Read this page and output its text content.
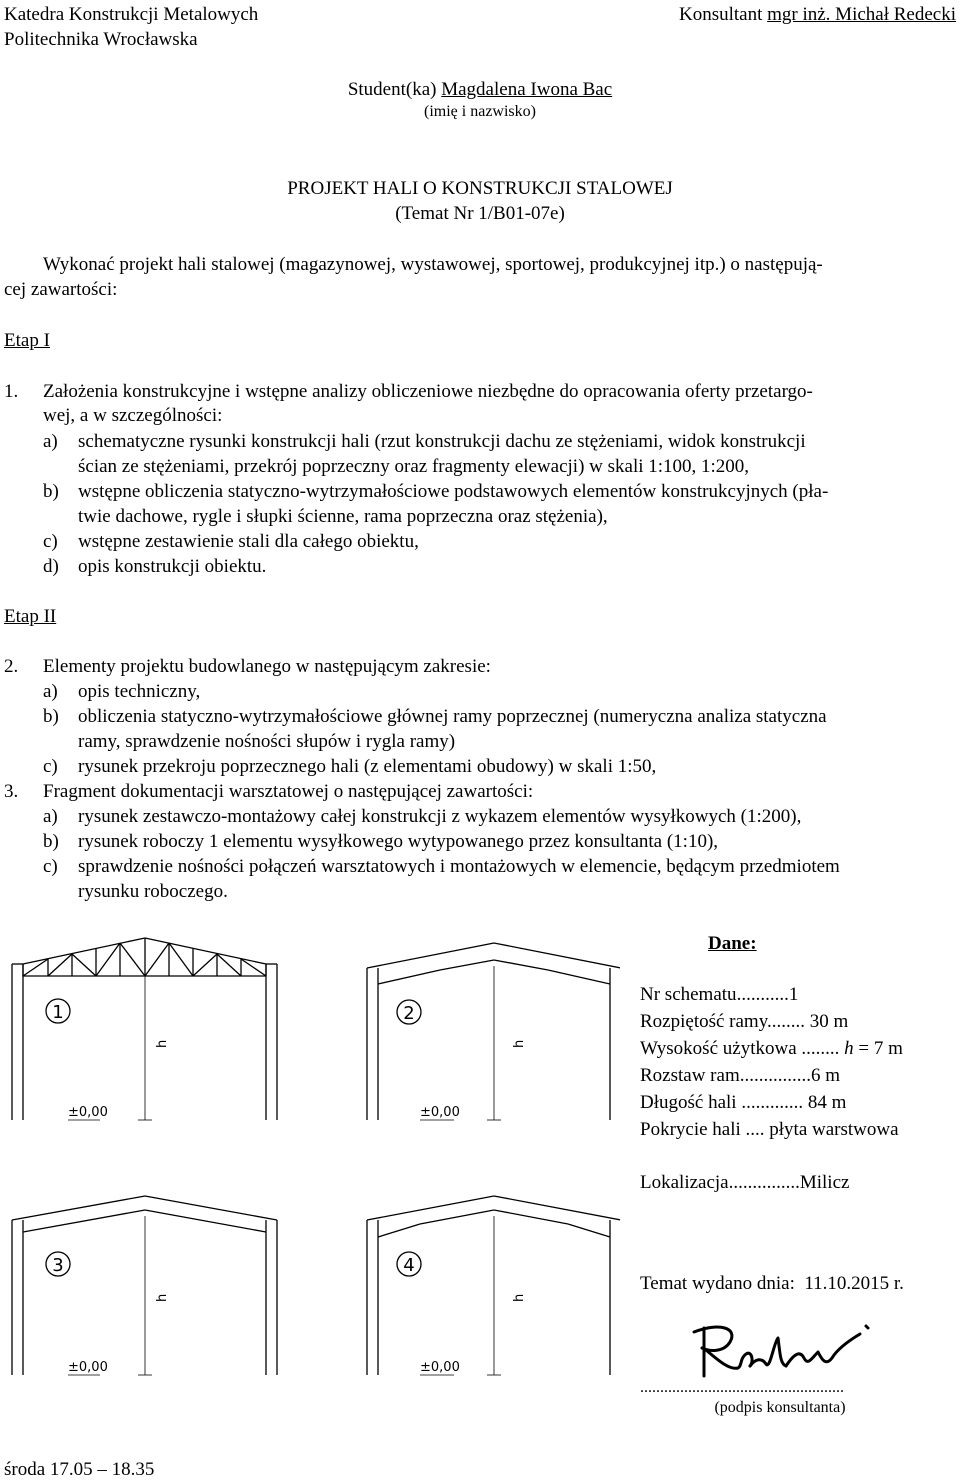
Katedra Konstrukcji Metalowych
Politechnika Wrocławska
Konsultant mgr inż. Michał Redecki
Student(ka) Magdalena Iwona Bac
(imię i nazwisko)
PROJEKT HALI O KONSTRUKCJI STALOWEJ
(Temat Nr 1/B01-07e)
Wykonać projekt hali stalowej (magazynowej, wystawowej, sportowej, produkcyjnej itp.) o następują-
cej zawartości:
Etap I
1. Założenia konstrukcyjne i wstępne analizy obliczeniowe niezbędne do opracowania oferty przetargo-
wej, a w szczególności:
a) schematyczne rysunki konstrukcji hali (rzut konstrukcji dachu ze stężeniami, widok konstrukcji
ścian ze stężeniami, przekrój poprzeczny oraz fragmenty elewacji) w skali 1:100, 1:200,
b) wstępne obliczenia statyczno-wytrzymałościowe podstawowych elementów konstrukcyjnych (pła-
twie dachowe, rygle i słupki ścienne, rama poprzeczna oraz stężenia),
c) wstępne zestawienie stali dla całego obiektu,
d) opis konstrukcji obiektu.
Etap II
2. Elementy projektu budowlanego w następującym zakresie:
a) opis techniczny,
b) obliczenia statyczno-wytrzymałościowe głównej ramy poprzecznej (numeryczna analiza statyczna
ramy, sprawdzenie nośności słupów i rygla ramy)
c) rysunek przekroju poprzecznego hali (z elementami obudowy) w skali 1:50,
3. Fragment dokumentacji warsztatowej o następującej zawartości:
a) rysunek zestawczo-montażowy całej konstrukcji z wykazem elementów wysyłkowych (1:200),
b) rysunek roboczy 1 elementu wysyłkowego wytypowanego przez konsultanta (1:10),
c) sprawdzenie nośności połączeń warsztatowych i montażowych w elemencie, będącym przedmiotem
rysunku roboczego.
1	2
3	4
h	h
h	h
±0,00	±0,00
±0,00	±0,00
Dane:
Nr schematu...........1
Rozpiętość ramy........ 30 m
Wysokość użytkowa ........ h = 7 m
Rozstaw ram...............6 m
Długość hali ............. 84 m
Pokrycie hali .... płyta warstwowa
Lokalizacja...............Milicz
Temat wydano dnia: 11.10.2015 r.
...................................................
(podpis konsultanta)
środa 17.05 – 18.35
